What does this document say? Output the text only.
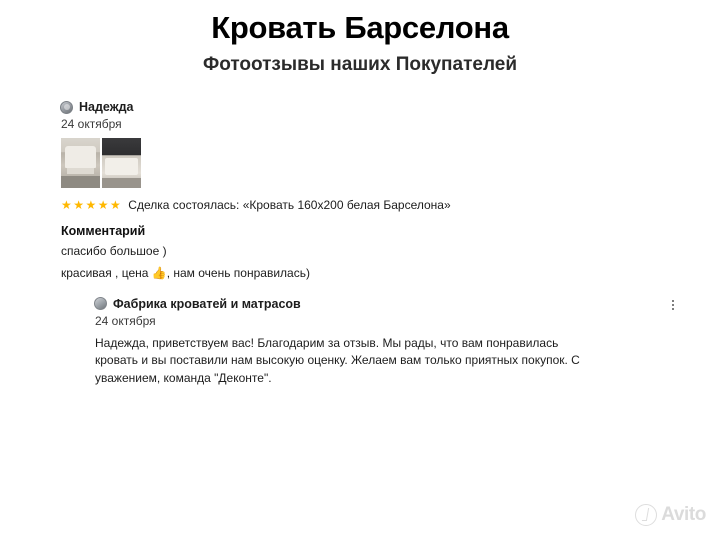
Кровать Барселона
Фотоотзывы наших Покупателей
Надежда
24 октября
★★★★★ Сделка состоялась: «Кровать 160х200 белая Барселона»
Комментарий
спасибо большое )
красивая , цена 👍, нам очень понравилась)
Фабрика кроватей и матрасов
24 октября
Надежда, приветствуем вас! Благодарим за отзыв. Мы рады, что вам понравилась кровать и вы поставили нам высокую оценку. Желаем вам только приятных покупок. С уважением, команда "Деконте".
Avito
